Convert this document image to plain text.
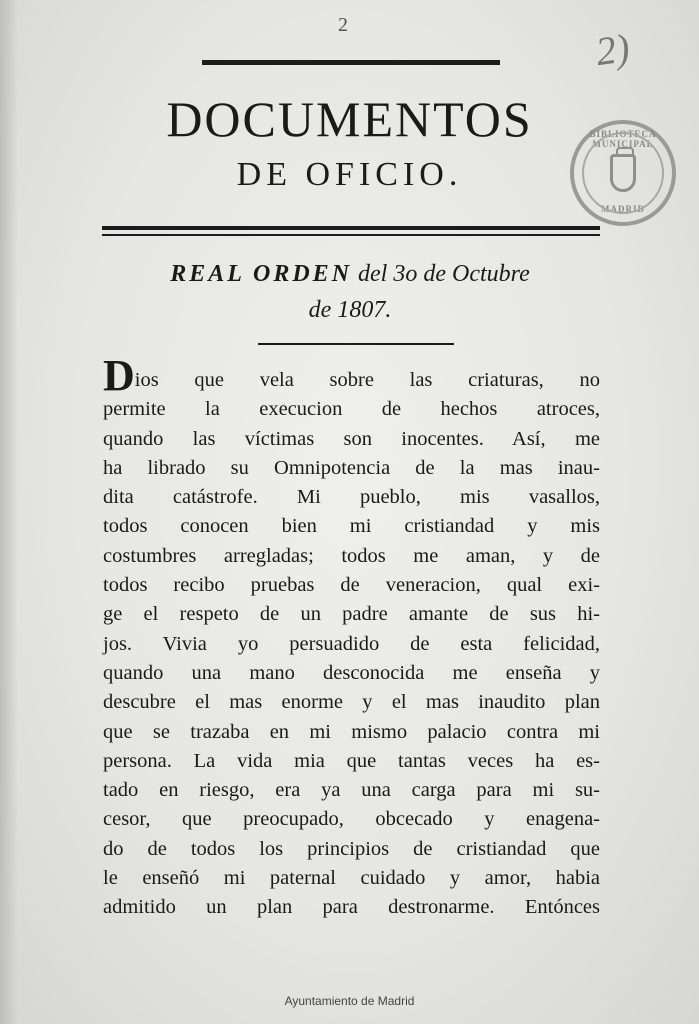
2	2)
DOCUMENTOS
DE OFICIO.
BIBLIOTECA MUNICIPAL
MADRID
REAL ORDEN del 3o de Octubre
de 1807.
Dios que vela sobre las criaturas, no
permite la execucion de hechos atroces,
quando las víctimas son inocentes. Así, me
ha librado su Omnipotencia de la mas inau-
dita catástrofe. Mi pueblo, mis vasallos,
todos conocen bien mi cristiandad y mis
costumbres arregladas; todos me aman, y de
todos recibo pruebas de veneracion, qual exi-
ge el respeto de un padre amante de sus hi-
jos. Vivia yo persuadido de esta felicidad,
quando una mano desconocida me enseña y
descubre el mas enorme y el mas inaudito plan
que se trazaba en mi mismo palacio contra mi
persona. La vida mia que tantas veces ha es-
tado en riesgo, era ya una carga para mi su-
cesor, que preocupado, obcecado y enagena-
do de todos los principios de cristiandad que
le enseñó mi paternal cuidado y amor, habia
admitido un plan para destronarme. Entónces
Ayuntamiento de Madrid
